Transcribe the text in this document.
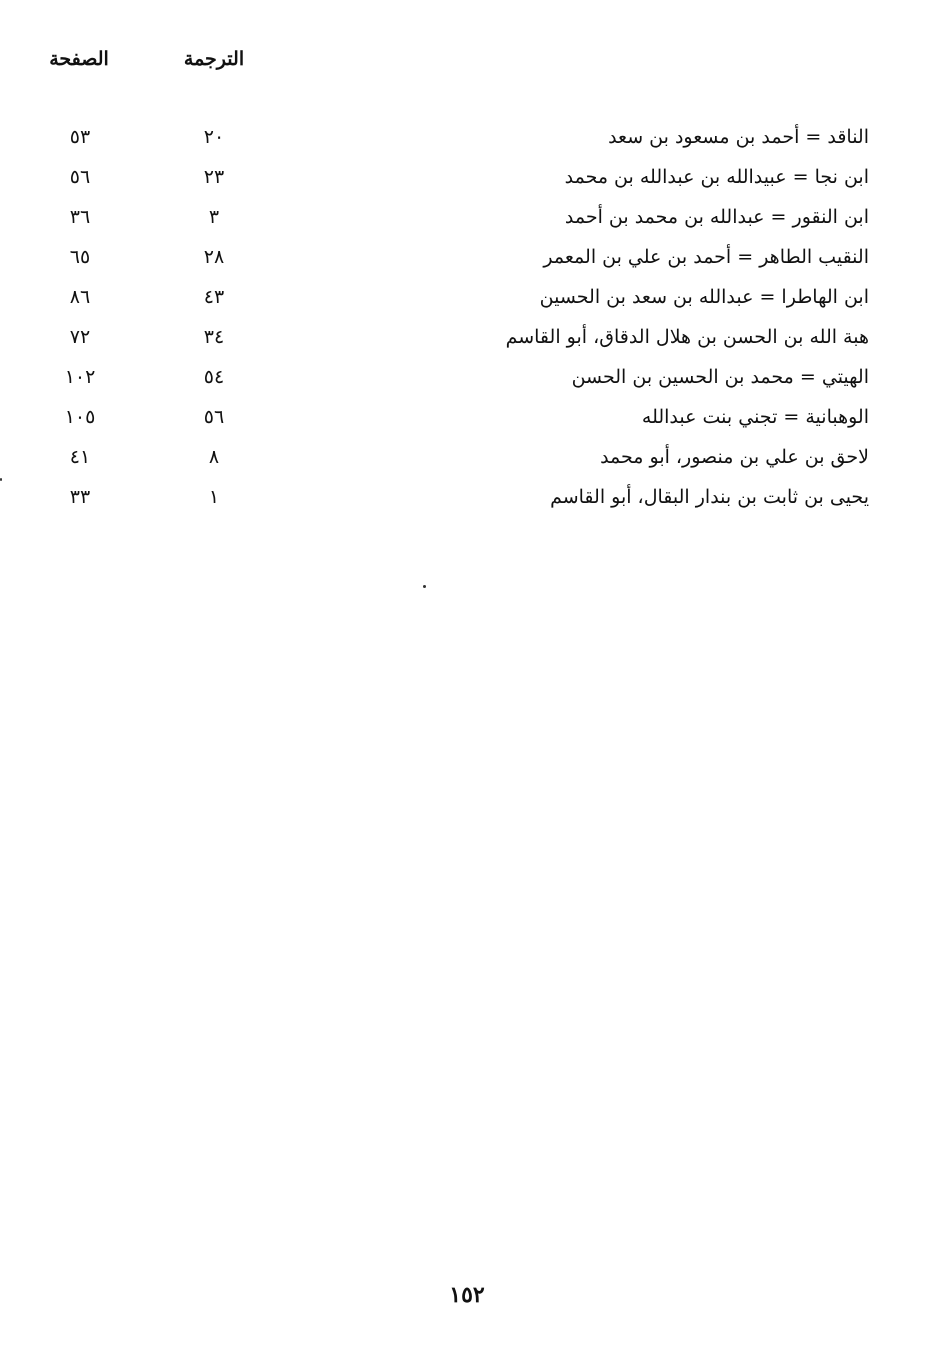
الترجمة
الصفحة
الناقد = أحمد بن مسعود بن سعد
٢٠
٥٣
ابن نجا = عبيدالله بن عبدالله بن محمد
٢٣
٥٦
ابن النقور = عبدالله بن محمد بن أحمد
٣
٣٦
النقيب الطاهر = أحمد بن علي بن المعمر
٢٨
٦٥
ابن الهاطرا = عبدالله بن سعد بن الحسين
٤٣
٨٦
هبة الله بن الحسن بن هلال الدقاق، أبو القاسم
٣٤
٧٢
الهيتي = محمد بن الحسين بن الحسن
٥٤
١٠٢
الوهبانية = تجني بنت عبدالله
٥٦
١٠٥
لاحق بن علي بن منصور، أبو محمد
٨
٤١
يحيى بن ثابت بن بندار البقال، أبو القاسم
١
٣٣
١٥٢
